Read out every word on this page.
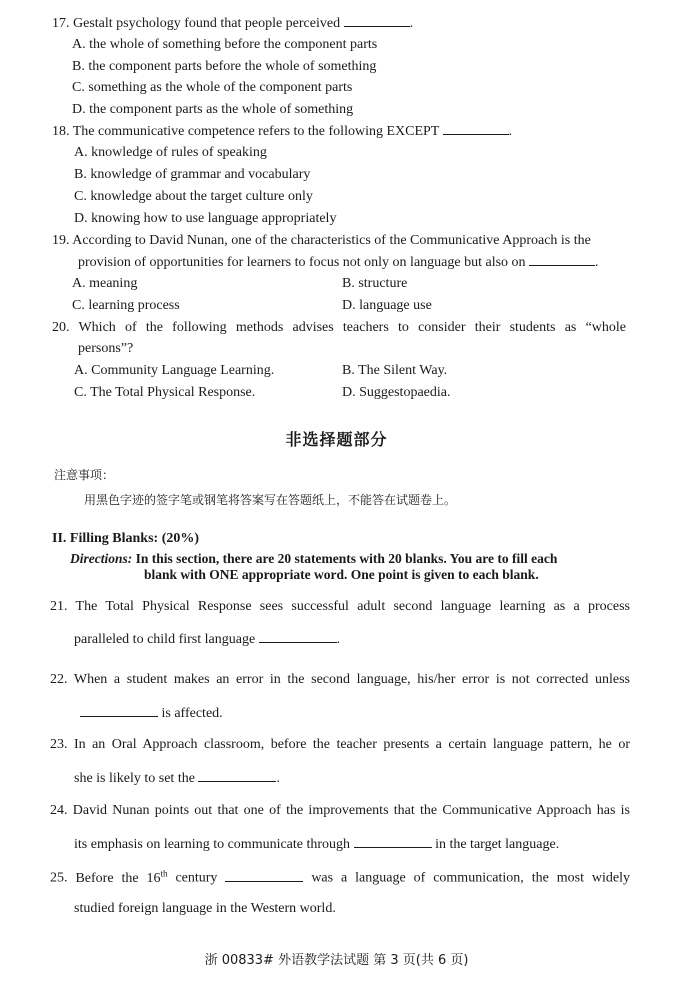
17. Gestalt psychology found that people perceived	.
A. the whole of something before the component parts
B. the component parts before the whole of something
C. something as the whole of the component parts
D. the component parts as the whole of something
18. The communicative competence refers to the following EXCEPT	.
A. knowledge of rules of speaking
B. knowledge of grammar and vocabulary
C. knowledge about the target culture only
D. knowing how to use language appropriately
19. According to David Nunan, one of the characteristics of the Communicative Approach is the
provision of opportunities for learners to focus not only on language but also on	.
A. meaning	B. structure
C. learning process	D. language use
20. Which of the following methods advises teachers to consider their students as “whole
persons”?
A. Community Language Learning.	B. The Silent Way.
C. The Total Physical Response.	D. Suggestopaedia.
非选择题部分
注意事项：
用黑色字迹的签字笔或钢笔将答案写在答题纸上，不能答在试题卷上。
II. Filling Blanks: (20%)
Directions: In this section, there are 20 statements with 20 blanks. You are to fill each
blank with ONE appropriate word. One point is given to each blank.
21. The Total Physical Response sees successful adult second language learning as a process
paralleled to child first language	.
22. When a student makes an error in the second language, his/her error is not corrected unless
is affected.
23. In an Oral Approach classroom, before the teacher presents a certain language pattern, he or
she is likely to set the	.
24. David Nunan points out that one of the improvements that the Communicative Approach has is
its emphasis on learning to communicate through	in the target language.
25. Before the 16th century	was a language of communication, the most widely
studied foreign language in the Western world.
浙 00833# 外语教学法试题 第 3 页(共 6 页)
